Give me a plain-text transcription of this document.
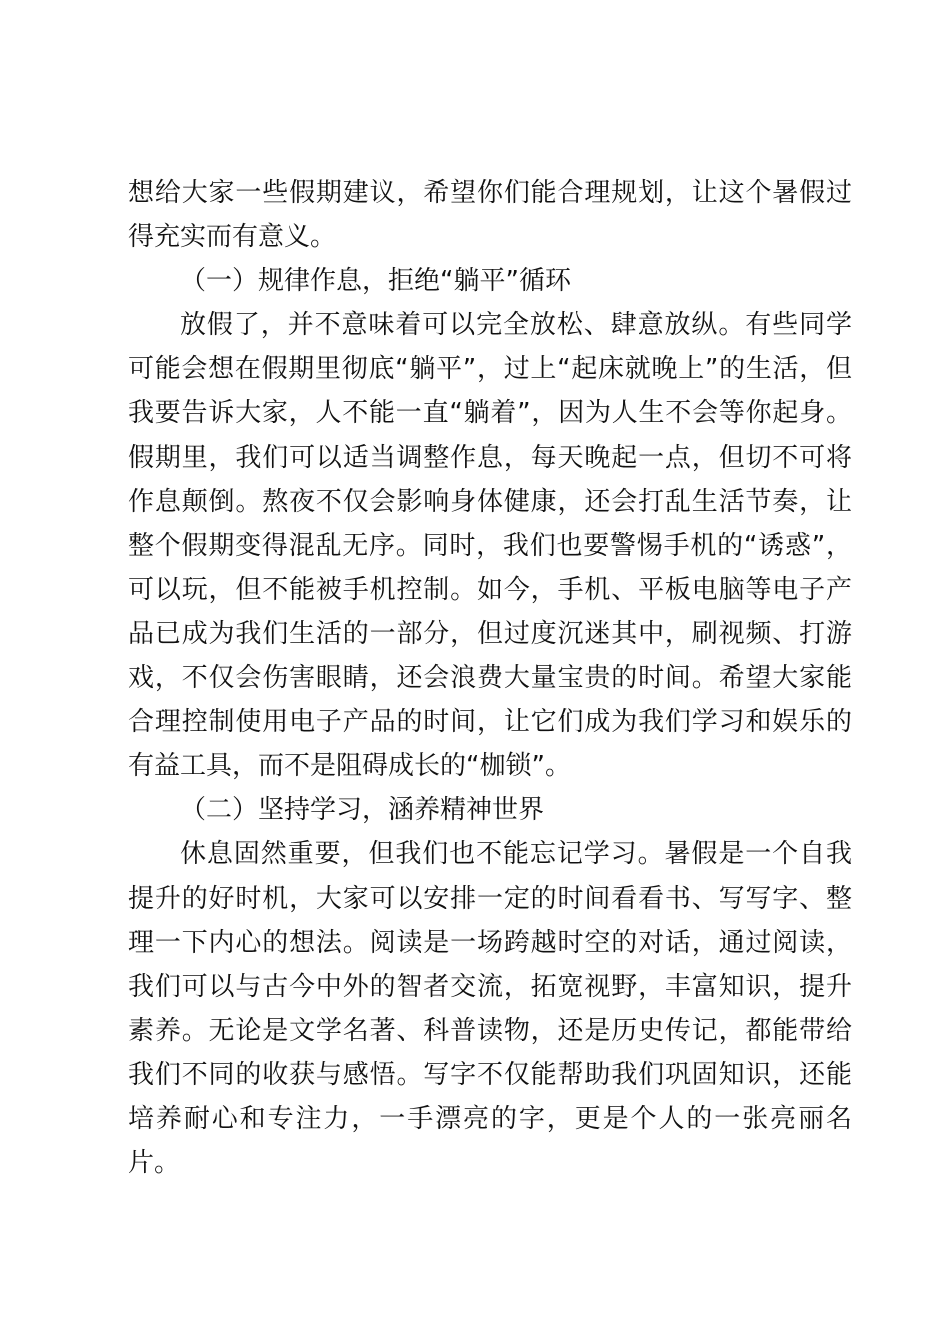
想给大家一些假期建议，希望你们能合理规划，让这个暑假过得充实而有意义。

（一）规律作息，拒绝“躺平”循环

放假了，并不意味着可以完全放松、肆意放纵。有些同学可能会想在假期里彻底“躺平”，过上“起床就晚上”的生活，但我要告诉大家，人不能一直“躺着”，因为人生不会等你起身。假期里，我们可以适当调整作息，每天晚起一点，但切不可将作息颠倒。熬夜不仅会影响身体健康，还会打乱生活节奏，让整个假期变得混乱无序。同时，我们也要警惕手机的“诱惑”，可以玩，但不能被手机控制。如今，手机、平板电脑等电子产品已成为我们生活的一部分，但过度沉迷其中，刷视频、打游戏，不仅会伤害眼睛，还会浪费大量宝贵的时间。希望大家能合理控制使用电子产品的时间，让它们成为我们学习和娱乐的有益工具，而不是阻碍成长的“枷锁”。

（二）坚持学习，涵养精神世界

休息固然重要，但我们也不能忘记学习。暑假是一个自我提升的好时机，大家可以安排一定的时间看看书、写写字、整理一下内心的想法。阅读是一场跨越时空的对话，通过阅读，我们可以与古今中外的智者交流，拓宽视野，丰富知识，提升素养。无论是文学名著、科普读物，还是历史传记，都能带给我们不同的收获与感悟。写字不仅能帮助我们巩固知识，还能培养耐心和专注力，一手漂亮的字，更是个人的一张亮丽名片。
